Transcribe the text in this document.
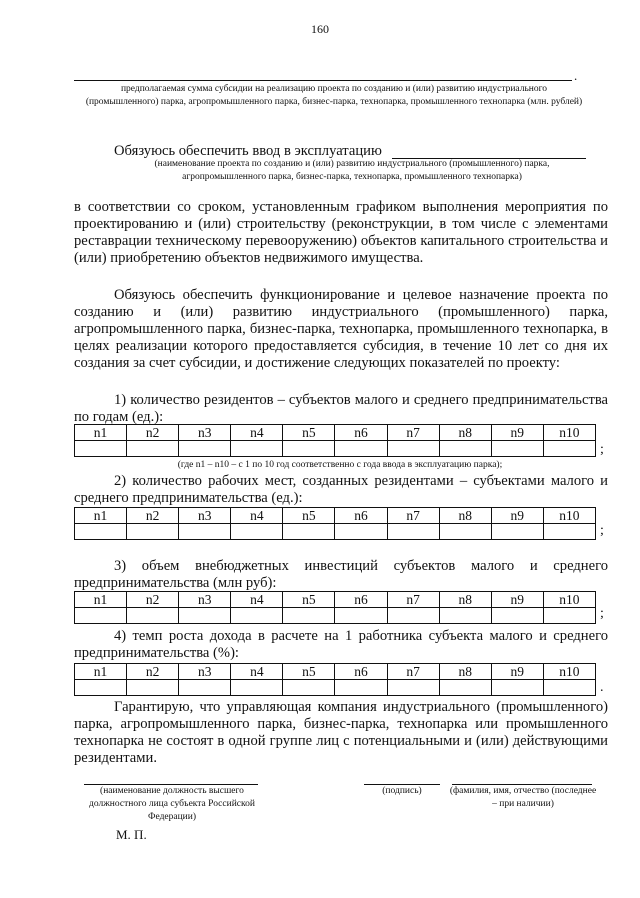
160
.
предполагаемая сумма субсидии на реализацию проекта по созданию и (или) развитию индустриального (промышленного) парка, агропромышленного парка, бизнес-парка, технопарка, промышленного технопарка (млн. рублей)
Обязуюсь обеспечить ввод в эксплуатацию
(наименование проекта по созданию и (или) развитию индустриального (промышленного) парка, агропромышленного парка, бизнес-парка, технопарка, промышленного технопарка)
в соответствии со сроком, установленным графиком выполнения мероприятия по проектированию и (или) строительству (реконструкции, в том числе с элементами реставрации техническому перевооружению) объектов капитального строительства и (или) приобретению объектов недвижимого имущества.
Обязуюсь обеспечить функционирование и целевое назначение проекта по созданию и (или) развитию индустриального (промышленного) парка, агропромышленного парка, бизнес-парка, технопарка, промышленного технопарка, в целях реализации которого предоставляется субсидия, в течение 10 лет со дня их создания за счет субсидии, и достижение следующих показателей по проекту:
1) количество резидентов – субъектов малого и среднего предпринимательства по годам (ед.):
n1	n2	n3	n4	n5	n6	n7	n8	n9	n10

;
(где n1 – n10 – с 1 по 10 год соответственно с года ввода в эксплуатацию парка);
2) количество рабочих мест, созданных резидентами – субъектами малого и среднего предпринимательства (ед.):
n1	n2	n3	n4	n5	n6	n7	n8	n9	n10

;
3) объем внебюджетных инвестиций субъектов малого и среднего предпринимательства (млн руб):
n1	n2	n3	n4	n5	n6	n7	n8	n9	n10

;
4) темп роста дохода в расчете на 1 работника субъекта малого и среднего предпринимательства (%):
n1	n2	n3	n4	n5	n6	n7	n8	n9	n10

.
Гарантирую, что управляющая компания индустриального (промышленного) парка, агропромышленного парка, бизнес-парка, технопарка или промышленного технопарка не состоят в одной группе лиц с потенциальными и (или) действующими резидентами.
(наименование должность высшего должностного лица субъекта Российской Федерации)
(подпись)	(фамилия, имя, отчество (последнее – при наличии)
М. П.
